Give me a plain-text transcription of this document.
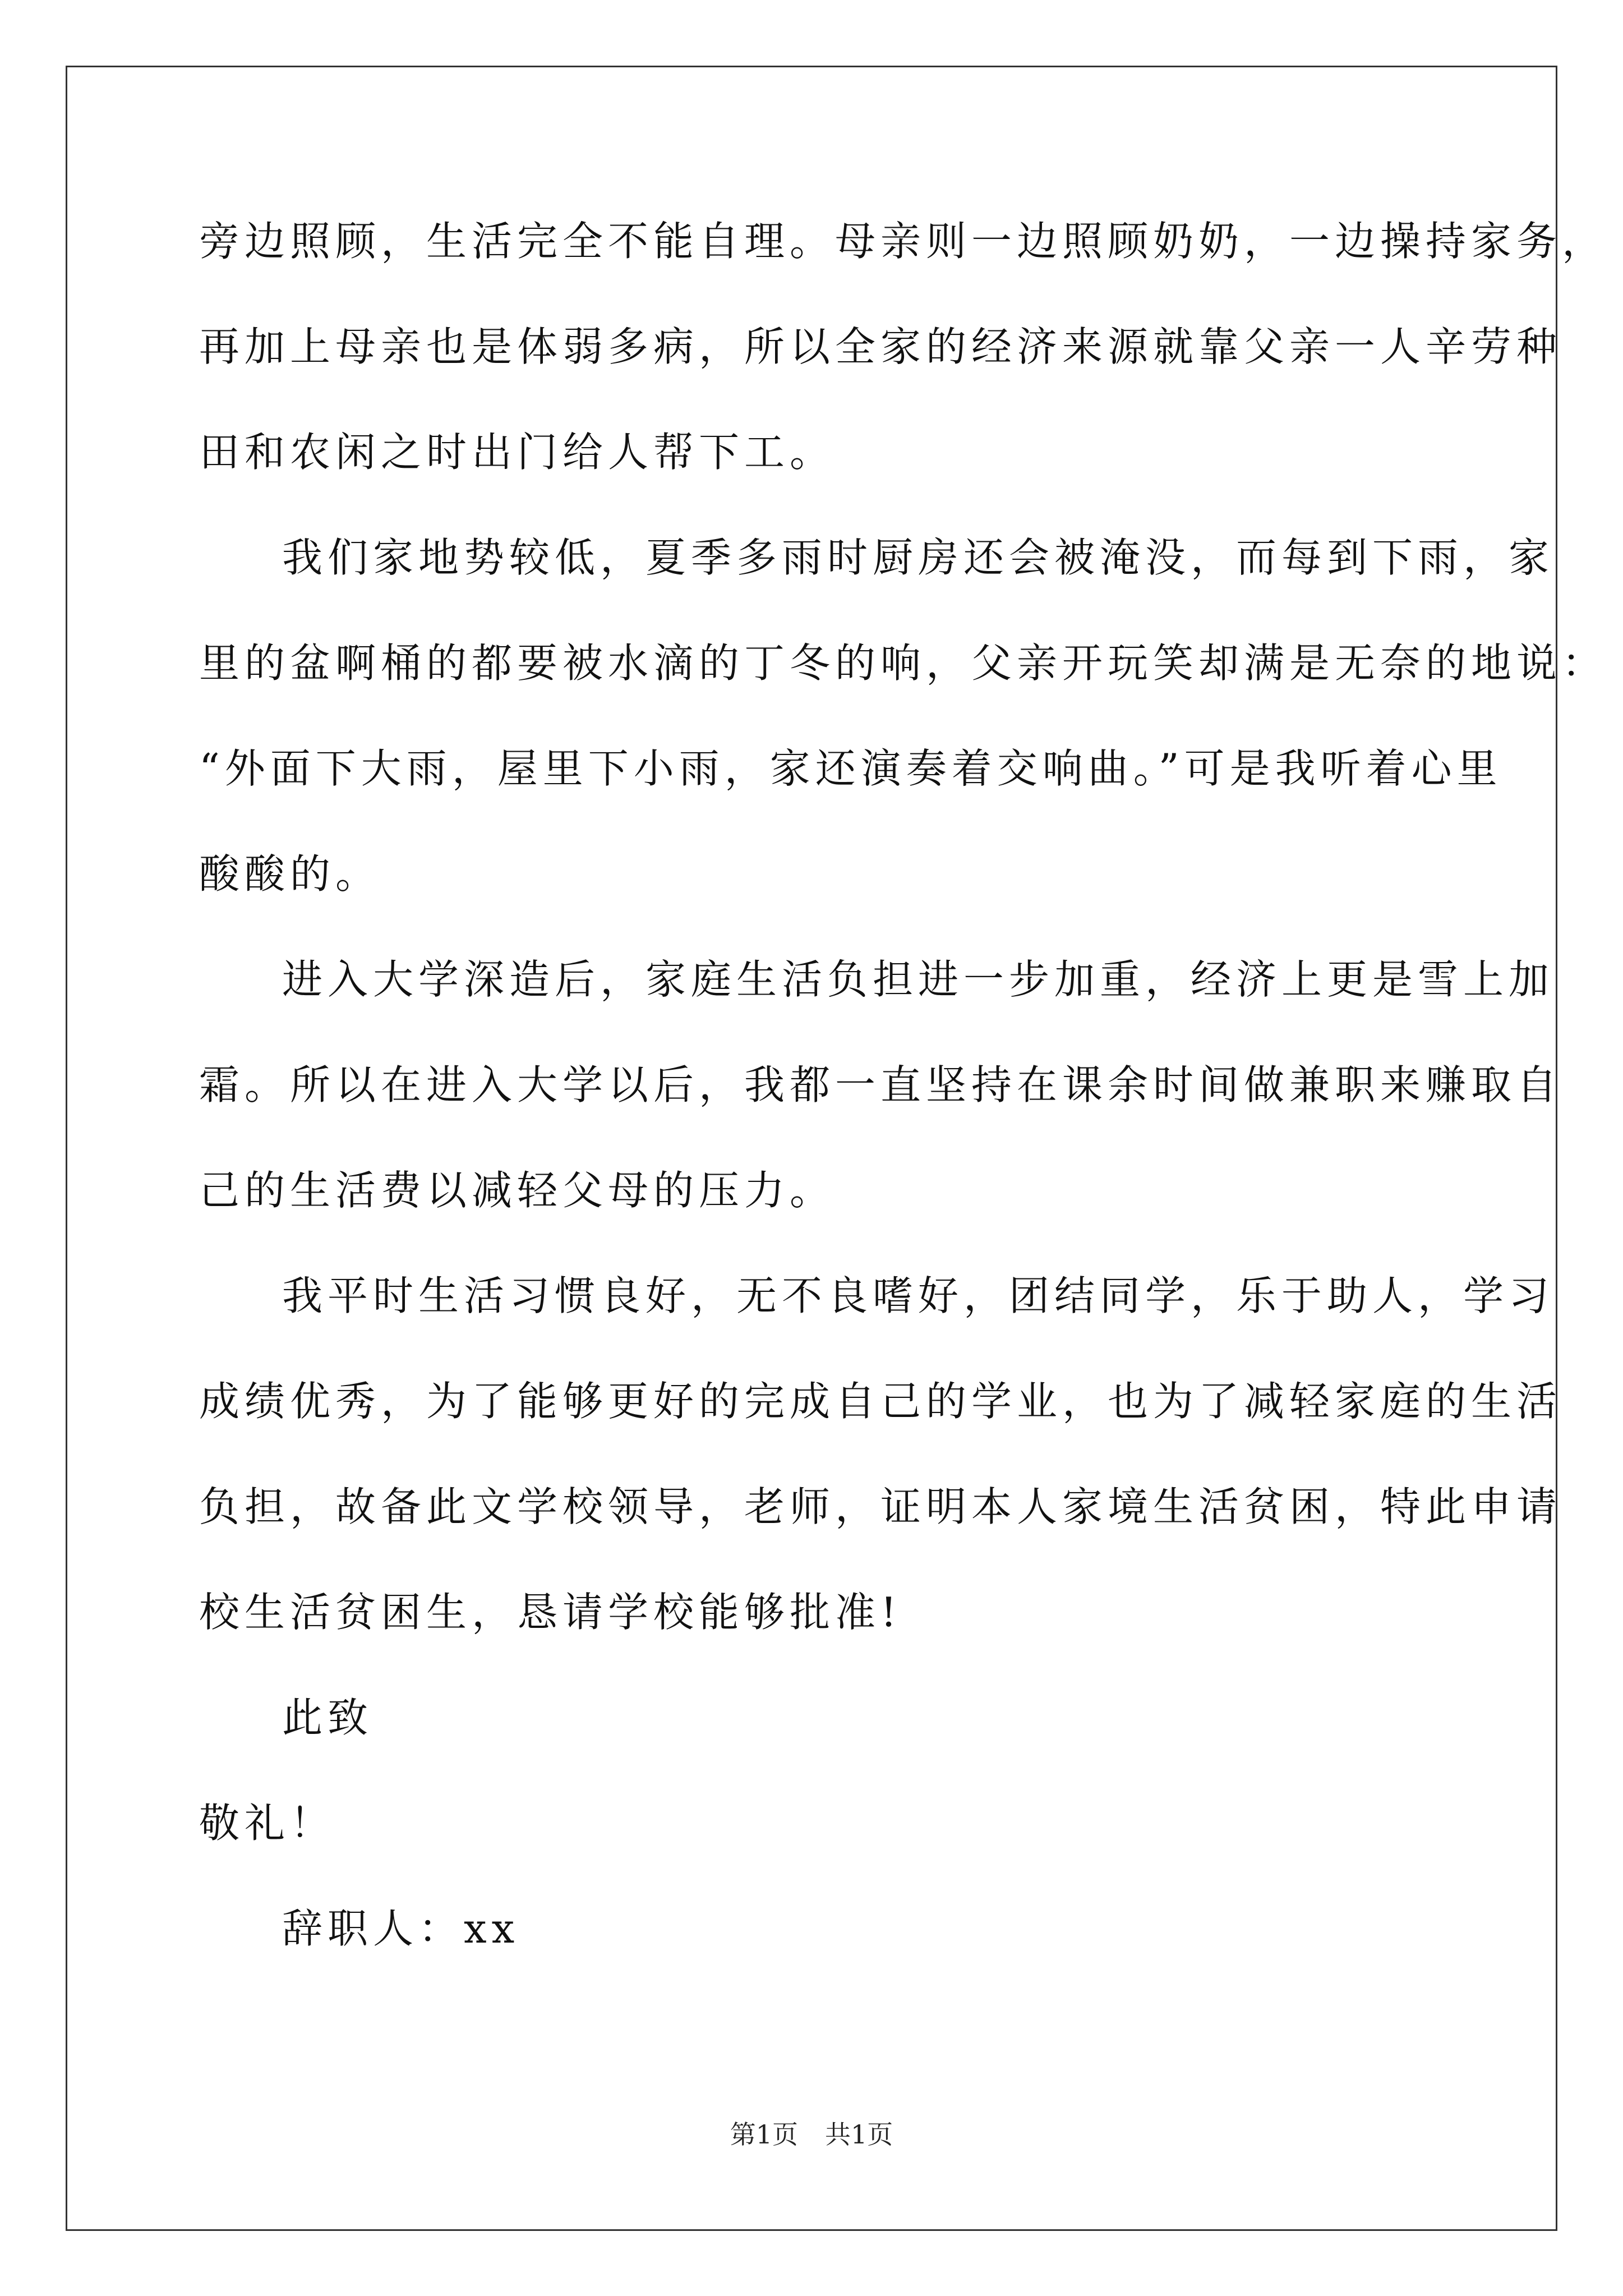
旁边照顾，生活完全不能自理。母亲则一边照顾奶奶，一边操持家务，
再加上母亲也是体弱多病，所以全家的经济来源就靠父亲一人辛劳种
田和农闲之时出门给人帮下工。
我们家地势较低，夏季多雨时厨房还会被淹没，而每到下雨，家
里的盆啊桶的都要被水滴的丁冬的响，父亲开玩笑却满是无奈的地说：
“外面下大雨，屋里下小雨，家还演奏着交响曲。”可是我听着心里
酸酸的。
进入大学深造后，家庭生活负担进一步加重，经济上更是雪上加
霜。所以在进入大学以后，我都一直坚持在课余时间做兼职来赚取自
己的生活费以减轻父母的压力。
我平时生活习惯良好，无不良嗜好，团结同学，乐于助人，学习
成绩优秀，为了能够更好的完成自己的学业，也为了减轻家庭的生活
负担，故备此文学校领导，老师，证明本人家境生活贫困，特此申请
校生活贫困生，恳请学校能够批准!
此致
敬礼！
辞职人：xx
第1页 共1页
